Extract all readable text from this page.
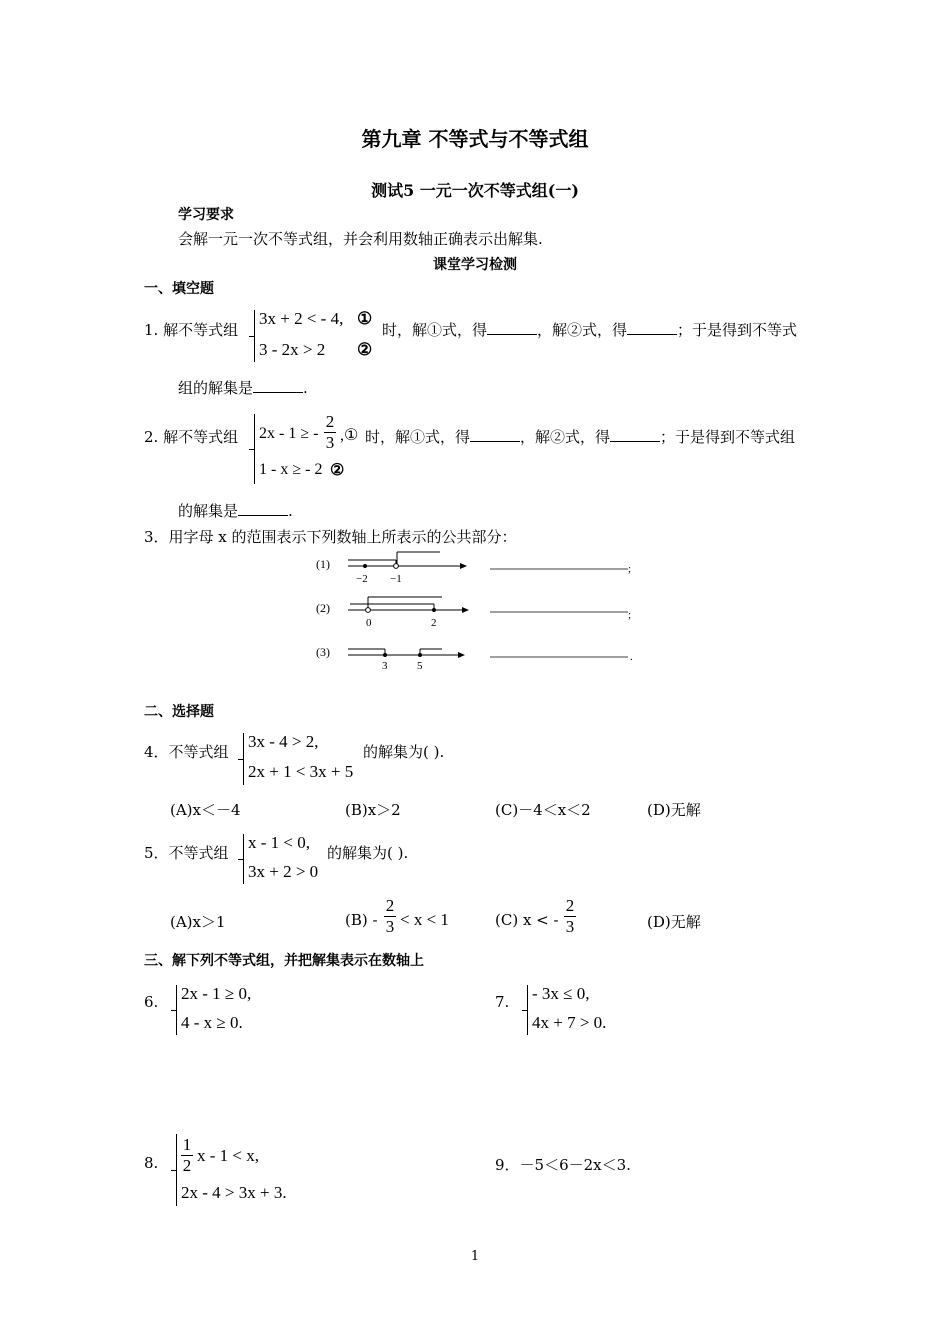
第九章 不等式与不等式组
测试5 一元一次不等式组(一)
学习要求
会解一元一次不等式组，并会利用数轴正确表示出解集.
课堂学习检测
一、填空题
1. 解不等式组
3x + 2 < - 4, ①
3 - 2x > 2 ②
时，解①式，得	，解②式，得	；于是得到不等式
组的解集是	.
2. 解不等式组 2x - 1 ≥ -
2
3 ,①
1 - x ≥ - 2 ②
时，解①式，得	，解②式，得	；于是得到不等式组
的解集是	.
3．用字母 x 的范围表示下列数轴上所表示的公共部分：
(1)
−2 −1
;
(2)
0	2
;
(3)
3	5
.
二、选择题
4．不等式组
3x - 4 > 2,
2x + 1 < 3x + 5
的解集为( ).
(A)x＜－4	(B)x＞2	(C)－4＜x＜2	(D)无解
5．不等式组
x - 1 < 0,
3x + 2 > 0
的解集为( ).
(A)x＞1	(B) -
2
3 < x < 1	(C) x < -
2
3	(D)无解
三、解下列不等式组，并把解集表示在数轴上
6. 2x - 1 ≥ 0,
4 - x ≥ 0.
7. - 3x ≤ 0,
4x + 7 > 0.
8.
1
2
x - 1 < x,
2x - 4 > 3x + 3.
9．－5＜6－2x＜3.
1
